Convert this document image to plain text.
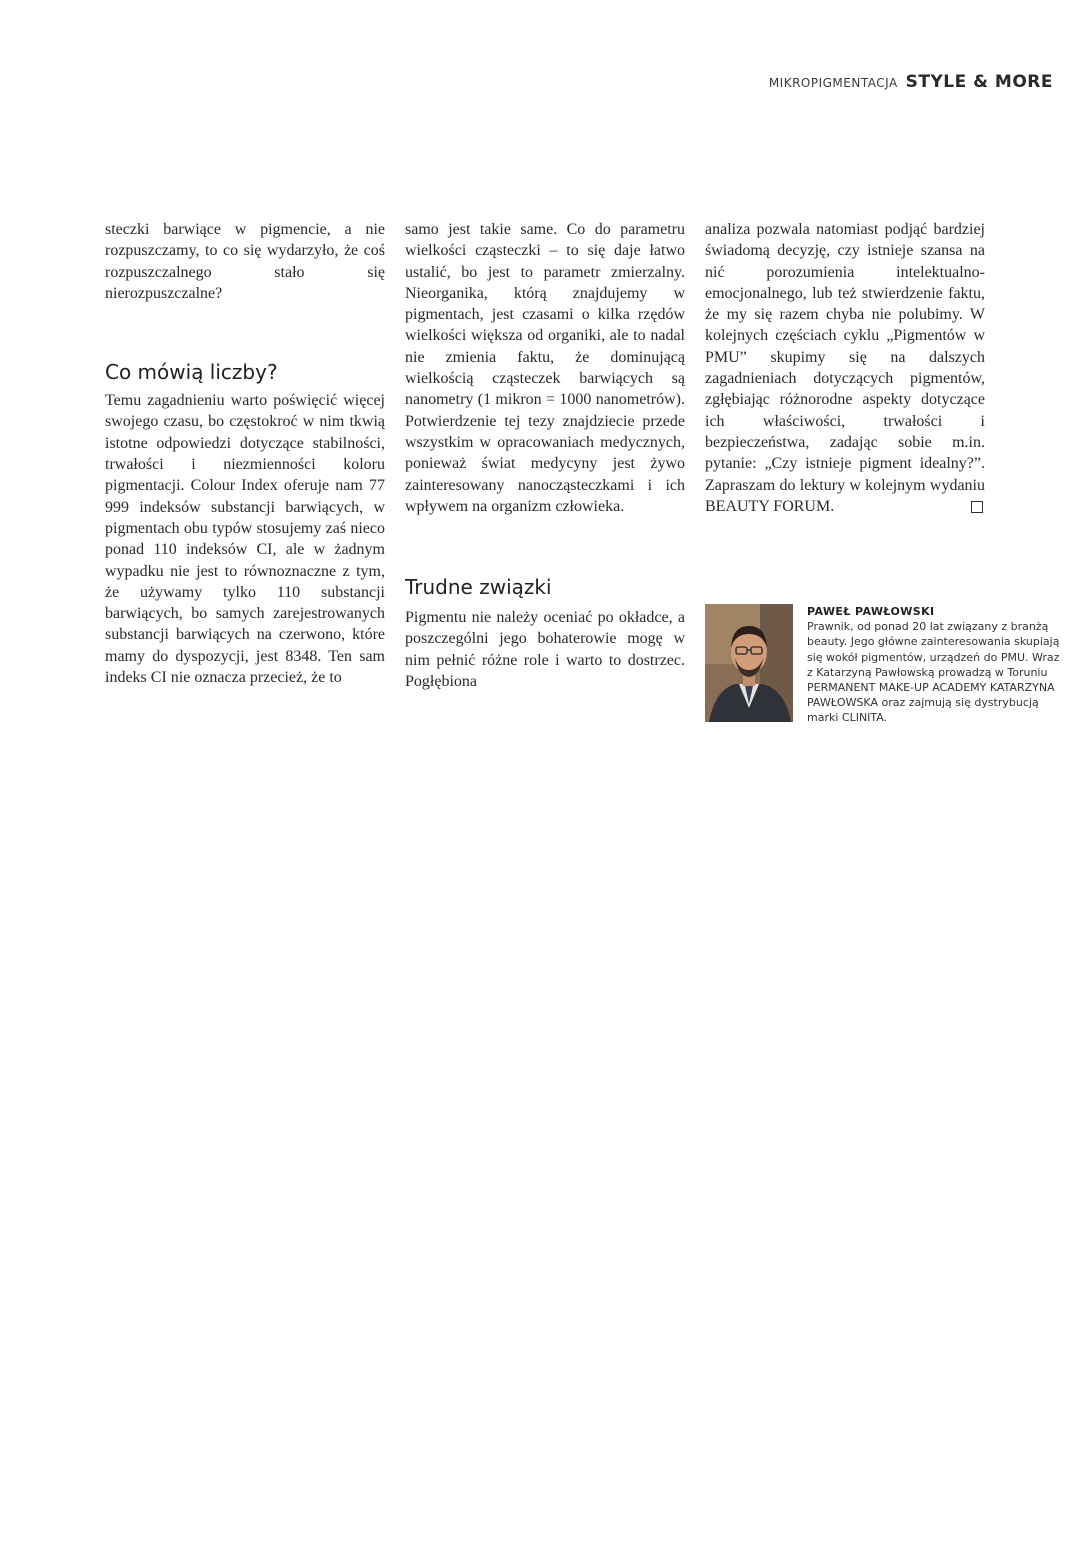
MIKROPIGMENTACJA STYLE & MORE

steczki barwiące w pigmencie, a nie rozpuszczamy, to co się wydarzyło, że coś rozpuszczalnego stało się nierozpuszczalne?

Co mówią liczby?

Temu zagadnieniu warto poświęcić więcej swojego czasu, bo częstokroć w nim tkwią istotne odpowiedzi dotyczące stabilności, trwałości i niezmienności koloru pigmentacji. Colour Index oferuje nam 77 999 indeksów substancji barwiących, w pigmentach obu typów stosujemy zaś nieco ponad 110 indeksów CI, ale w żadnym wypadku nie jest to równoznaczne z tym, że używamy tylko 110 substancji barwiących, bo samych zarejestrowanych substancji barwiących na czerwono, które mamy do dyspozycji, jest 8348. Ten sam indeks CI nie oznacza przecież, że to

samo jest takie same. Co do parametru wielkości cząsteczki – to się daje łatwo ustalić, bo jest to parametr zmierzalny. Nieorganika, którą znajdujemy w pigmentach, jest czasami o kilka rzędów wielkości większa od organiki, ale to nadal nie zmienia faktu, że dominującą wielkością cząsteczek barwiących są nanometry (1 mikron = 1000 nanometrów). Potwierdzenie tej tezy znajdziecie przede wszystkim w opracowaniach medycznych, ponieważ świat medycyny jest żywo zainteresowany nanocząsteczkami i ich wpływem na organizm człowieka.

Trudne związki

Pigmentu nie należy oceniać po okładce, a poszczególni jego bohaterowie mogę w nim pełnić różne role i warto to dostrzec. Pogłębiona

analiza pozwala natomiast podjąć bardziej świadomą decyzję, czy istnieje szansa na nić porozumienia intelektualno-emocjonalnego, lub też stwierdzenie faktu, że my się razem chyba nie polubimy. W kolejnych częściach cyklu „Pigmentów w PMU” skupimy się na dalszych zagadnieniach dotyczących pigmentów, zgłębiając różnorodne aspekty dotyczące ich właściwości, trwałości i bezpieczeństwa, zadając sobie m.in. pytanie: „Czy istnieje pigment idealny?”. Zapraszam do lektury w kolejnym wydaniu BEAUTY FORUM.

PAWEŁ PAWŁOWSKI
Prawnik, od ponad 20 lat związany z branżą beauty. Jego główne zainteresowania skupiają się wokół pigmentów, urządzeń do PMU. Wraz z Katarzyną Pawłowską prowadzą w Toruniu PERMANENT MAKE-UP ACADEMY KATARZYNA PAWŁOWSKA oraz zajmują się dystrybucją marki CLINITA.
